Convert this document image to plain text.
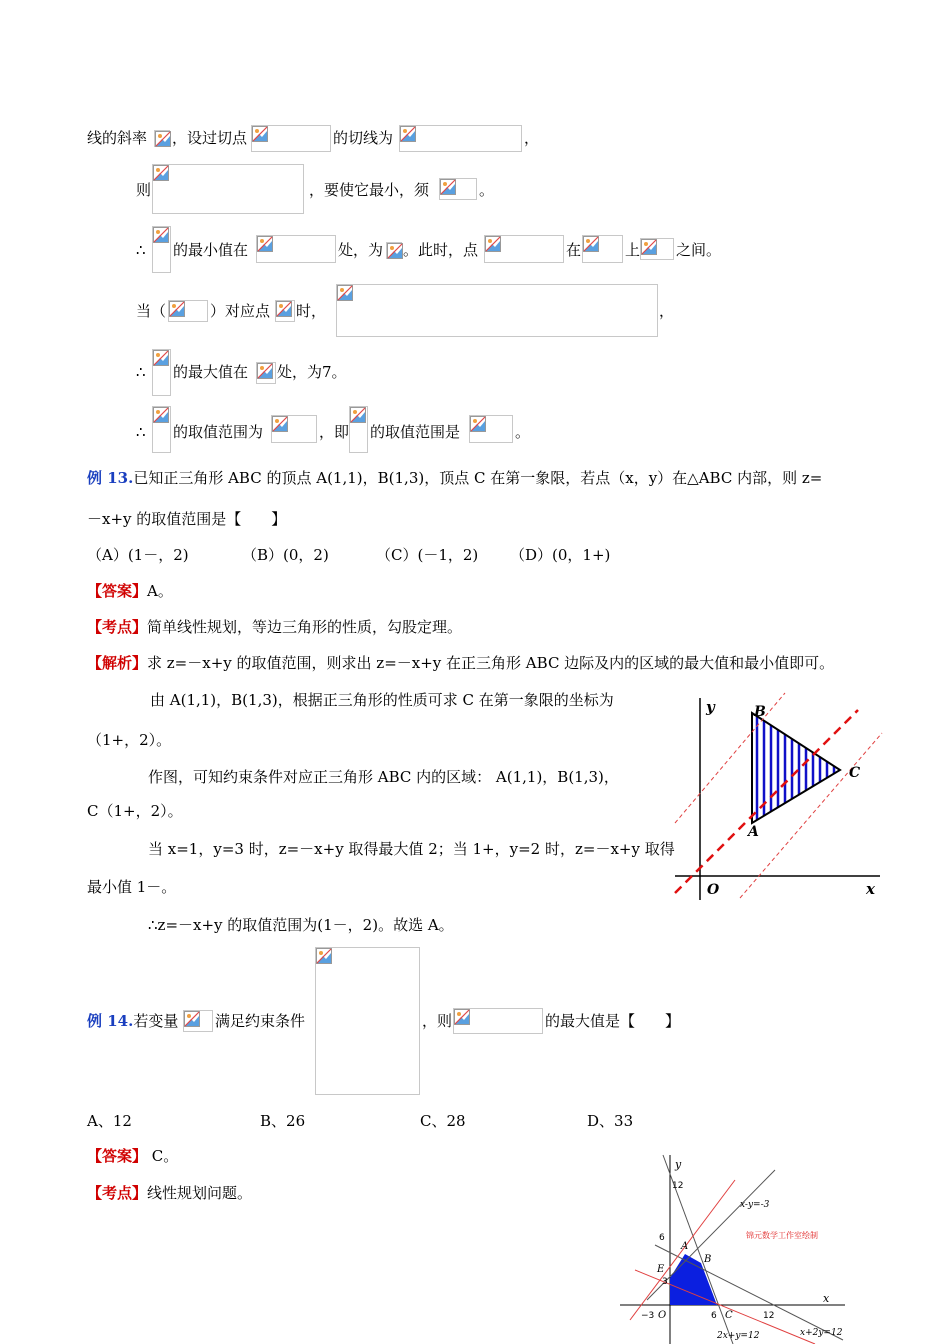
线的斜率 ，设过切点	的切线为	，
则	，要使它最小，须	。
∴ 的最小值在	处，为 。此时，点	在	上 之间。
当（	）对应点 时，	，
∴ 的最大值在 处，为7。
∴ 的取值范围为	，即 的取值范围是	。
例 13.已知正三角形 ABC 的顶点 A(1,1)，B(1,3)，顶点 C 在第一象限，若点（x，y）在△ABC 内部，则 z=
－x+y 的取值范围是【　　】
（A）(1－，2)	（B）(0，2)	（C）(－1，2) （D）(0，1+)
【答案】A。
【考点】简单线性规划，等边三角形的性质，勾股定理。
【解析】求 z=－x+y 的取值范围，则求出 z=－x+y 在正三角形 ABC 边际及内的区域的最大值和最小值即可。
由 A(1,1)，B(1,3)，根据正三角形的性质可求 C 在第一象限的坐标为
（1+，2）。
作图，可知约束条件对应正三角形 ABC 内的区域： A(1,1)，B(1,3)，
C（1+，2）。
当 x=1，y=3 时，z=－x+y 取得最大值 2；当 1+，y=2 时，z=－x+y 取得
最小值 1－。
∴z=－x+y 的取值范围为(1－，2)。故选 A。
y
x
O
A
B
C
例 14.若变量 满足约束条件	，则	的最大值是【　　】
A、12	B、26	C、28	D、33
【答案】 C。
【考点】线性规划问题。
y
x
12
6
3
−3	6	12
O
A
B
C
E
x-y=-3
2x+y=12	x+2y=12
锦元数学工作室绘制
